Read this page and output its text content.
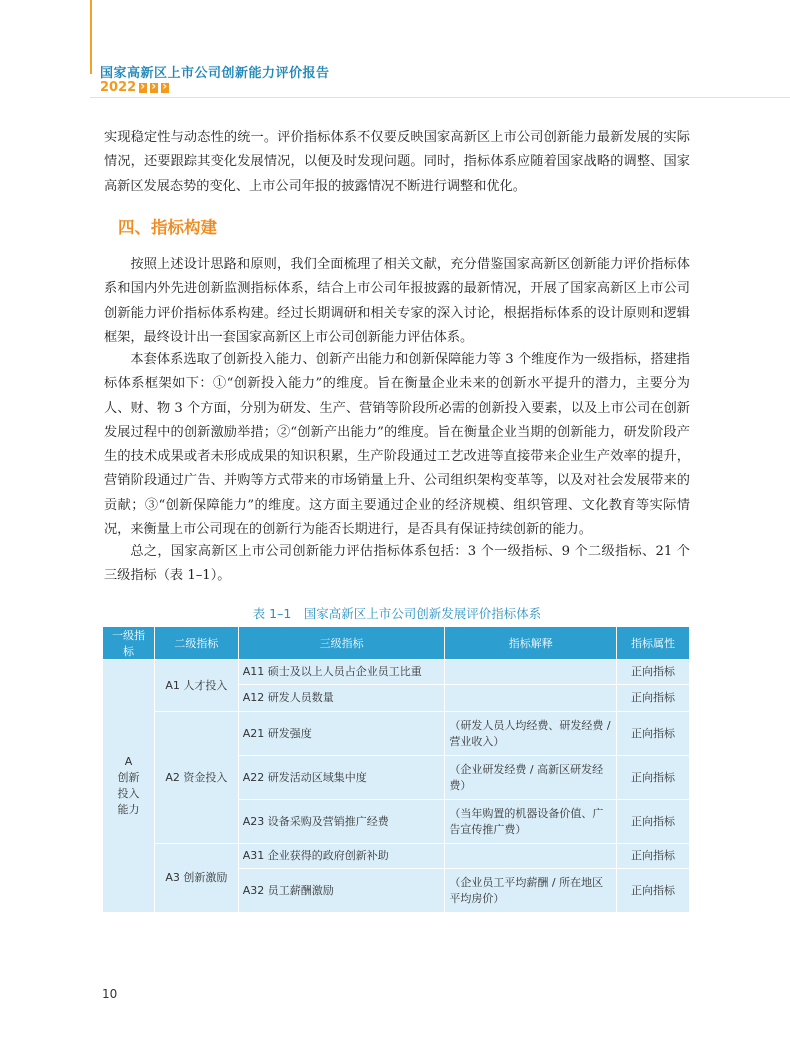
国家高新区上市公司创新能力评价报告
2022
›
›
›

实现稳定性与动态性的统一。评价指标体系不仅要反映国家高新区上市公司创新能力最新发展的实际情况，还要跟踪其变化发展情况，以便及时发现问题。同时，指标体系应随着国家战略的调整、国家高新区发展态势的变化、上市公司年报的披露情况不断进行调整和优化。

四、指标构建

按照上述设计思路和原则，我们全面梳理了相关文献，充分借鉴国家高新区创新能力评价指标体系和国内外先进创新监测指标体系，结合上市公司年报披露的最新情况，开展了国家高新区上市公司创新能力评价指标体系构建。经过长期调研和相关专家的深入讨论，根据指标体系的设计原则和逻辑框架，最终设计出一套国家高新区上市公司创新能力评估体系。

本套体系选取了创新投入能力、创新产出能力和创新保障能力等 3 个维度作为一级指标，搭建指标体系框架如下：①“创新投入能力”的维度。旨在衡量企业未来的创新水平提升的潜力，主要分为人、财、物 3 个方面，分别为研发、生产、营销等阶段所必需的创新投入要素，以及上市公司在创新发展过程中的创新激励举措；②“创新产出能力”的维度。旨在衡量企业当期的创新能力，研发阶段产生的技术成果或者未形成成果的知识积累，生产阶段通过工艺改进等直接带来企业生产效率的提升，营销阶段通过广告、并购等方式带来的市场销量上升、公司组织架构变革等，以及对社会发展带来的贡献；③“创新保障能力”的维度。这方面主要通过企业的经济规模、组织管理、文化教育等实际情况，来衡量上市公司现在的创新行为能否长期进行，是否具有保证持续创新的能力。

总之，国家高新区上市公司创新能力评估指标体系包括：3 个一级指标、9 个二级指标、21 个三级指标（表 1–1）。

表 1–1　国家高新区上市公司创新发展评价指标体系
一级指标	二级指标	三级指标	指标解释	指标属性

A
创新
投入
能力	A1 人才投入	A11 硕士及以上人员占企业员工比重		正向指标
		A12 研发人员数量		正向指标
	A2 资金投入	A21 研发强度	（研发人员人均经费、研发经费 / 营业收入）	正向指标
		A22 研发活动区域集中度	（企业研发经费 / 高新区研发经费）	正向指标
		A23 设备采购及营销推广经费	（当年购置的机器设备价值、广告宣传推广费）	正向指标
	A3 创新激励	A31 企业获得的政府创新补助		正向指标
		A32 员工薪酬激励	（企业员工平均薪酬 / 所在地区平均房价）	正向指标
10
